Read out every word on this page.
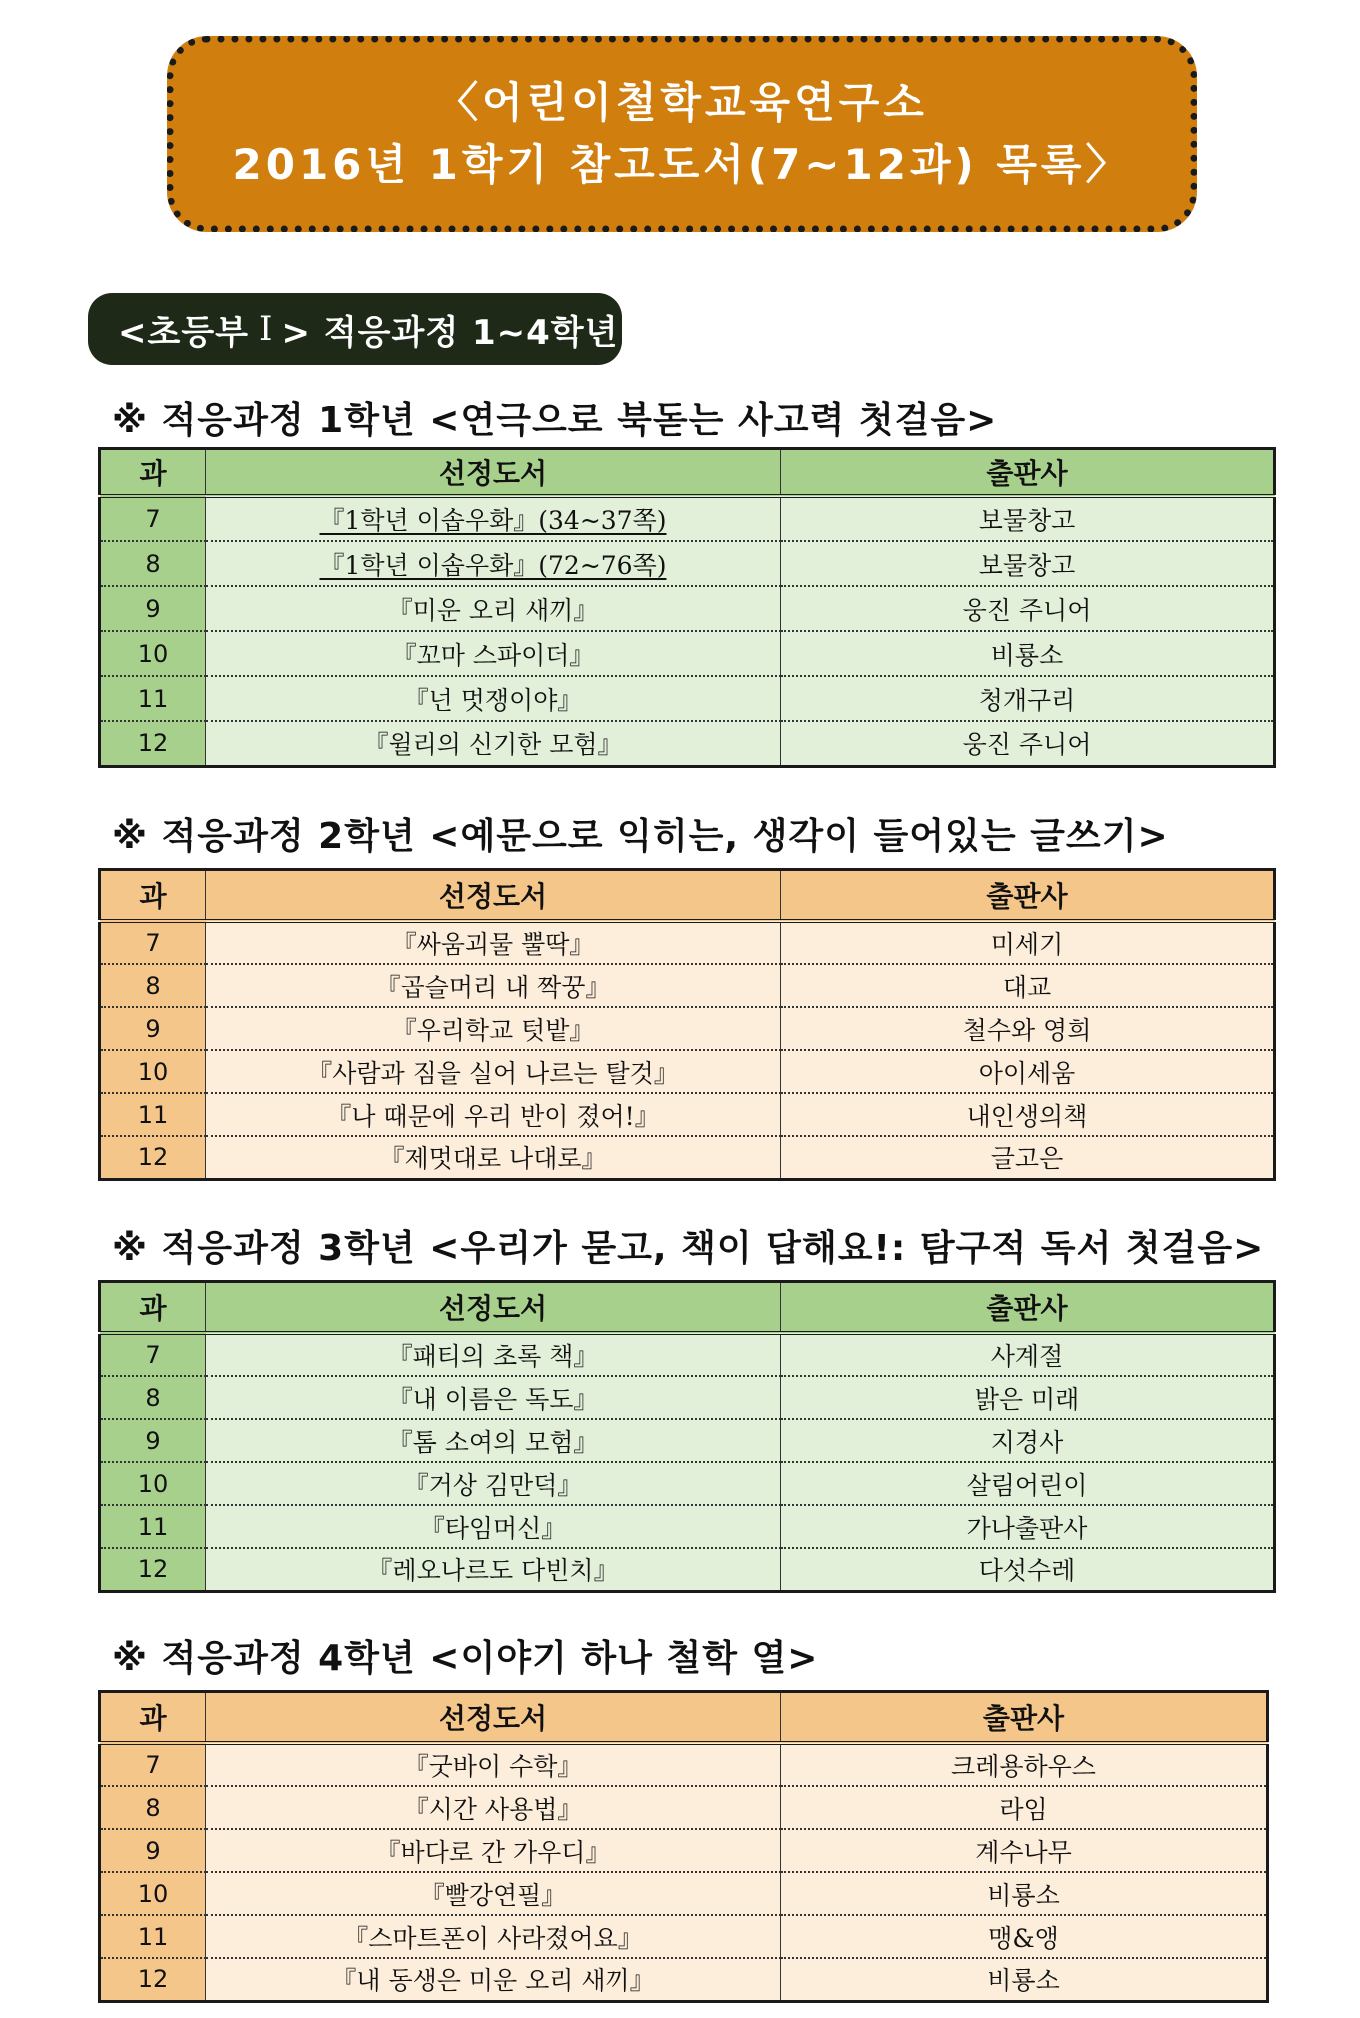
〈어린이철학교육연구소
2016년 1학기 참고도서(7~12과) 목록〉
<초등부 Ⅰ > 적응과정 1~4학년
※ 적응과정 1학년 <연극으로 북돋는 사고력 첫걸음>
과	선정도서	출판사
7	『1학년 이솝우화』(34~37쪽)	보물창고
8	『1학년 이솝우화』(72~76쪽)	보물창고
9	『미운 오리 새끼』	웅진 주니어
10	『꼬마 스파이더』	비룡소
11	『넌 멋쟁이야』	청개구리
12	『윌리의 신기한 모험』	웅진 주니어
※ 적응과정 2학년 <예문으로 익히는, 생각이 들어있는 글쓰기>
과	선정도서	출판사
7	『싸움괴물 뿔딱』	미세기
8	『곱슬머리 내 짝꿍』	대교
9	『우리학교 텃밭』	철수와 영희
10	『사람과 짐을 실어 나르는 탈것』	아이세움
11	『나 때문에 우리 반이 졌어!』	내인생의책
12	『제멋대로 나대로』	글고은
※ 적응과정 3학년 <우리가 묻고, 책이 답해요!: 탐구적 독서 첫걸음>
과	선정도서	출판사
7	『패티의 초록 책』	사계절
8	『내 이름은 독도』	밝은 미래
9	『톰 소여의 모험』	지경사
10	『거상 김만덕』	살림어린이
11	『타임머신』	가나출판사
12	『레오나르도 다빈치』	다섯수레
※ 적응과정 4학년 <이야기 하나 철학 열>
과	선정도서	출판사
7	『굿바이 수학』	크레용하우스
8	『시간 사용법』	라임
9	『바다로 간 가우디』	계수나무
10	『빨강연필』	비룡소
11	『스마트폰이 사라졌어요』	맹&앵
12	『내 동생은 미운 오리 새끼』	비룡소
